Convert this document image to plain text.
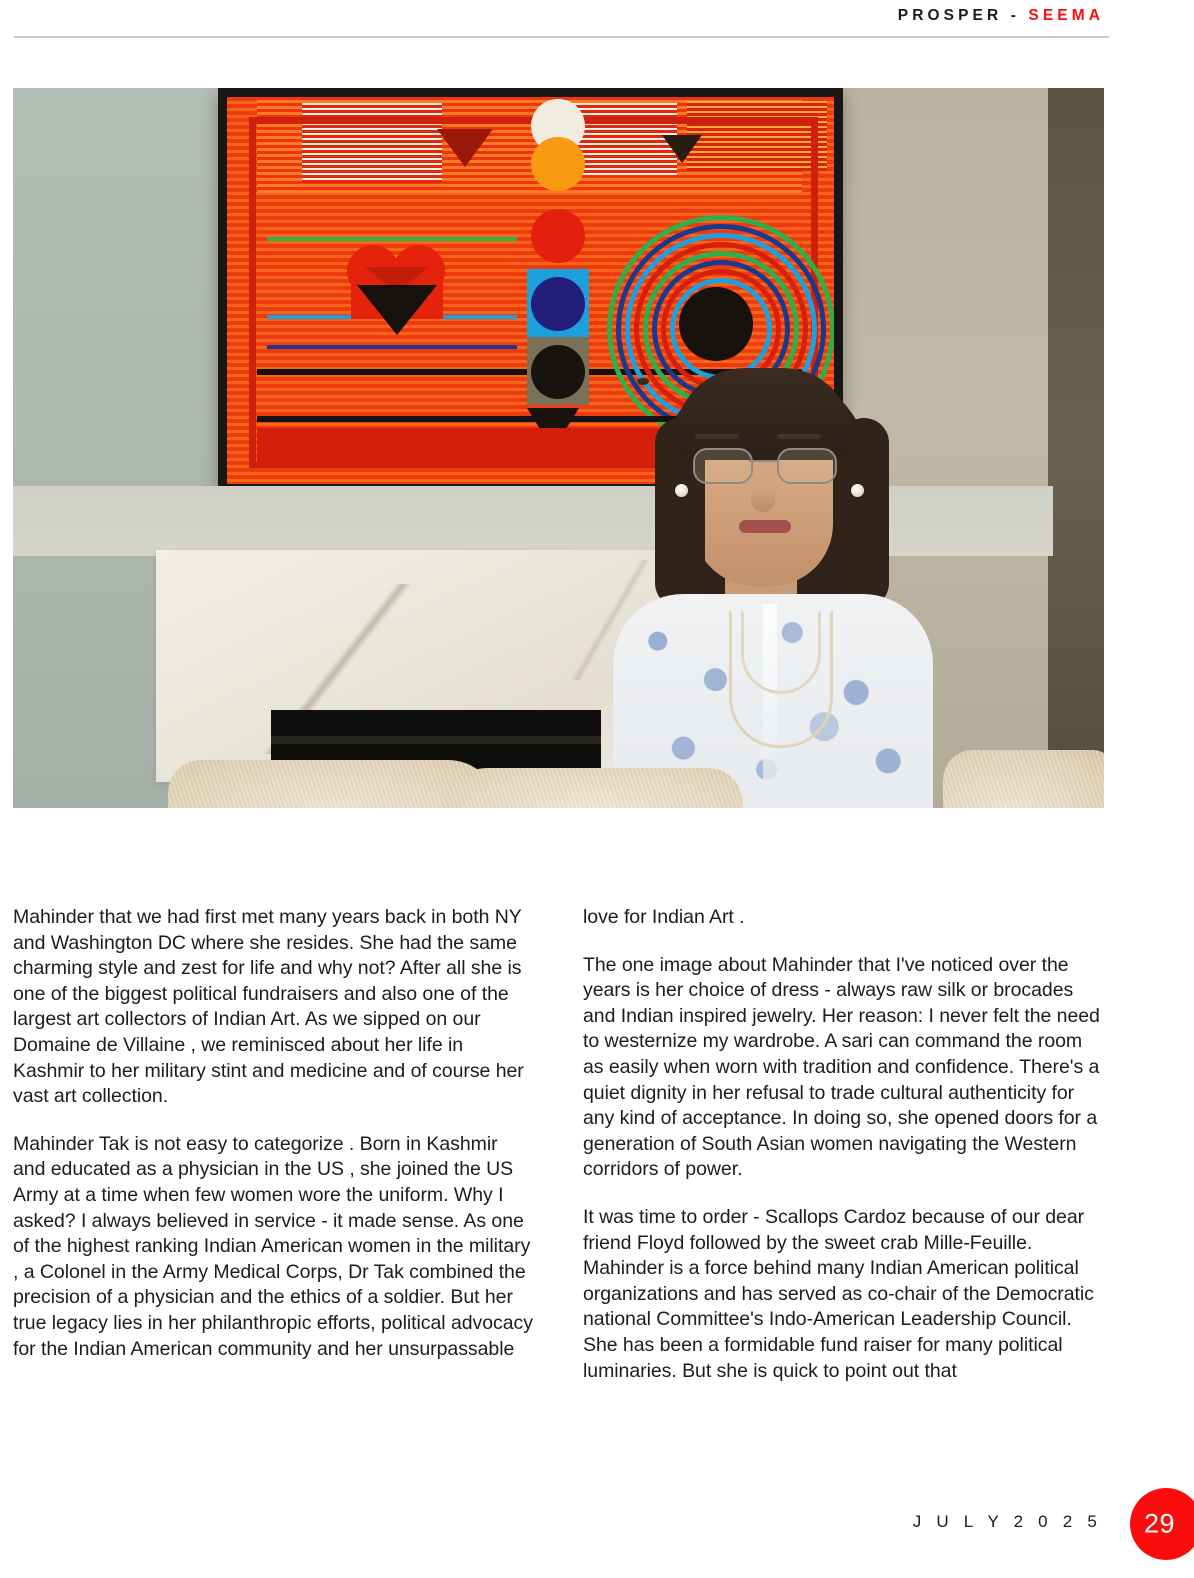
PROSPER - SEEMA

Mahinder that we had first met many years back in both NY and Washington DC where she resides. She had the same charming style and zest for life and why not? After all she is one of the biggest political fundraisers and also one of the largest art collectors of Indian Art. As we sipped on our Domaine de Villaine , we reminisced about her life in Kashmir to her military stint and medicine and of course her vast art collection.

Mahinder Tak is not easy to categorize . Born in Kashmir and educated as a physician in the US , she joined the US Army at a time when few women wore the uniform. Why I asked? I always believed in service - it made sense. As one of the highest ranking Indian American women in the military , a Colonel in the Army Medical Corps, Dr Tak combined the precision of a physician and the ethics of a soldier. But her true legacy lies in her philanthropic efforts, political advocacy for the Indian American community and her unsurpassable

love for Indian Art .

The one image about Mahinder that I've noticed over the years is her choice of dress - always raw silk or brocades and Indian inspired jewelry. Her reason: I never felt the need to westernize my wardrobe. A sari can command the room as easily when worn with tradition and confidence. There's a quiet dignity in her refusal to trade cultural authenticity for any kind of acceptance. In doing so, she opened doors for a generation of South Asian women navigating the Western corridors of power.

It was time to order - Scallops Cardoz because of our dear friend Floyd followed by the sweet crab Mille-Feuille. Mahinder is a force behind many Indian American political organizations and has served as co-chair of the Democratic national Committee's Indo-American Leadership Council. She has been a formidable fund raiser for many political luminaries. But she is quick to point out that

J U L Y 2 0 2 5 29
